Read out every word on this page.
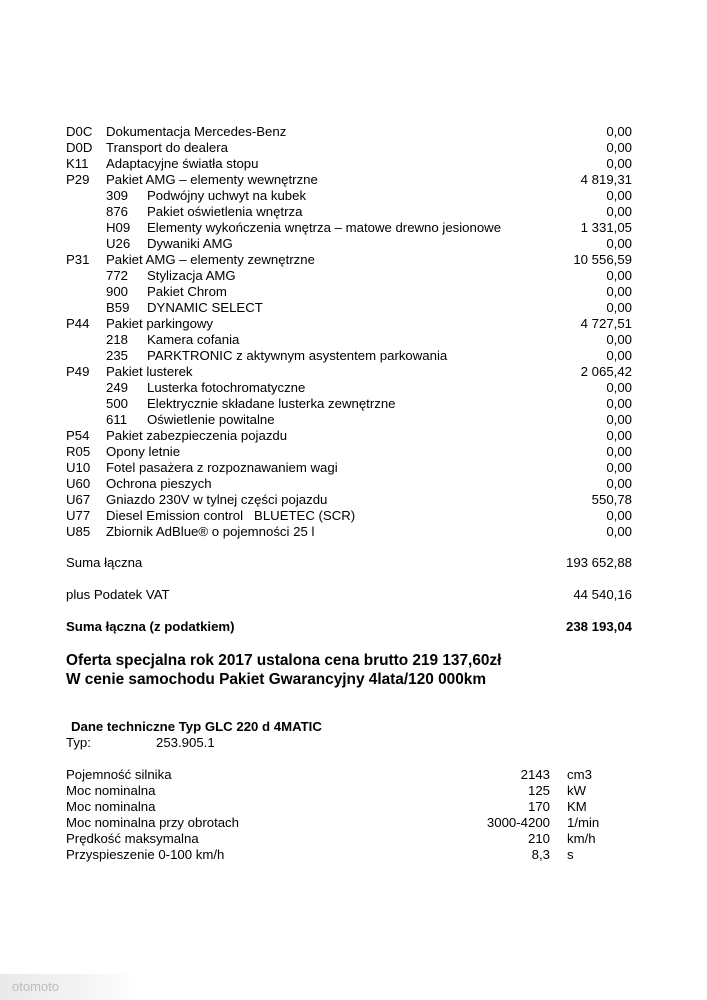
D0C Dokumentacja Mercedes-Benz	0,00
D0D Transport do dealera	0,00
K11 Adaptacyjne światła stopu	0,00
P29 Pakiet AMG – elementy wewnętrzne	4 819,31
309 Podwójny uchwyt na kubek	0,00
876 Pakiet oświetlenia wnętrza	0,00
H09 Elementy wykończenia wnętrza – matowe drewno jesionowe	1 331,05
U26 Dywaniki AMG	0,00
P31 Pakiet AMG – elementy zewnętrzne	10 556,59
772 Stylizacja AMG	0,00
900 Pakiet Chrom	0,00
B59 DYNAMIC SELECT	0,00
P44 Pakiet parkingowy	4 727,51
218 Kamera cofania	0,00
235 PARKTRONIC z aktywnym asystentem parkowania	0,00
P49 Pakiet lusterek	2 065,42
249 Lusterka fotochromatyczne	0,00
500 Elektrycznie składane lusterka zewnętrzne	0,00
611 Oświetlenie powitalne	0,00
P54 Pakiet zabezpieczenia pojazdu	0,00
R05 Opony letnie	0,00
U10 Fotel pasażera z rozpoznawaniem wagi	0,00
U60 Ochrona pieszych	0,00
U67 Gniazdo 230V w tylnej części pojazdu	550,78
U77 Diesel Emission control   BLUETEC (SCR)	0,00
U85 Zbiornik AdBlue® o pojemności 25 l	0,00
Suma łączna	193 652,88
plus Podatek VAT	44 540,16
Suma łączna (z podatkiem)	238 193,04
Oferta specjalna rok 2017 ustalona cena brutto 219 137,60zł
W cenie samochodu Pakiet Gwarancyjny 4lata/120 000km
Dane techniczne Typ GLC 220 d 4MATIC
Typ:	253.905.1
Pojemność silnika	2143 cm3
Moc nominalna	125 kW
Moc nominalna	170 KM
Moc nominalna przy obrotach	3000-4200 1/min
Prędkość maksymalna	210 km/h
Przyspieszenie 0-100 km/h	8,3 s
otomoto
